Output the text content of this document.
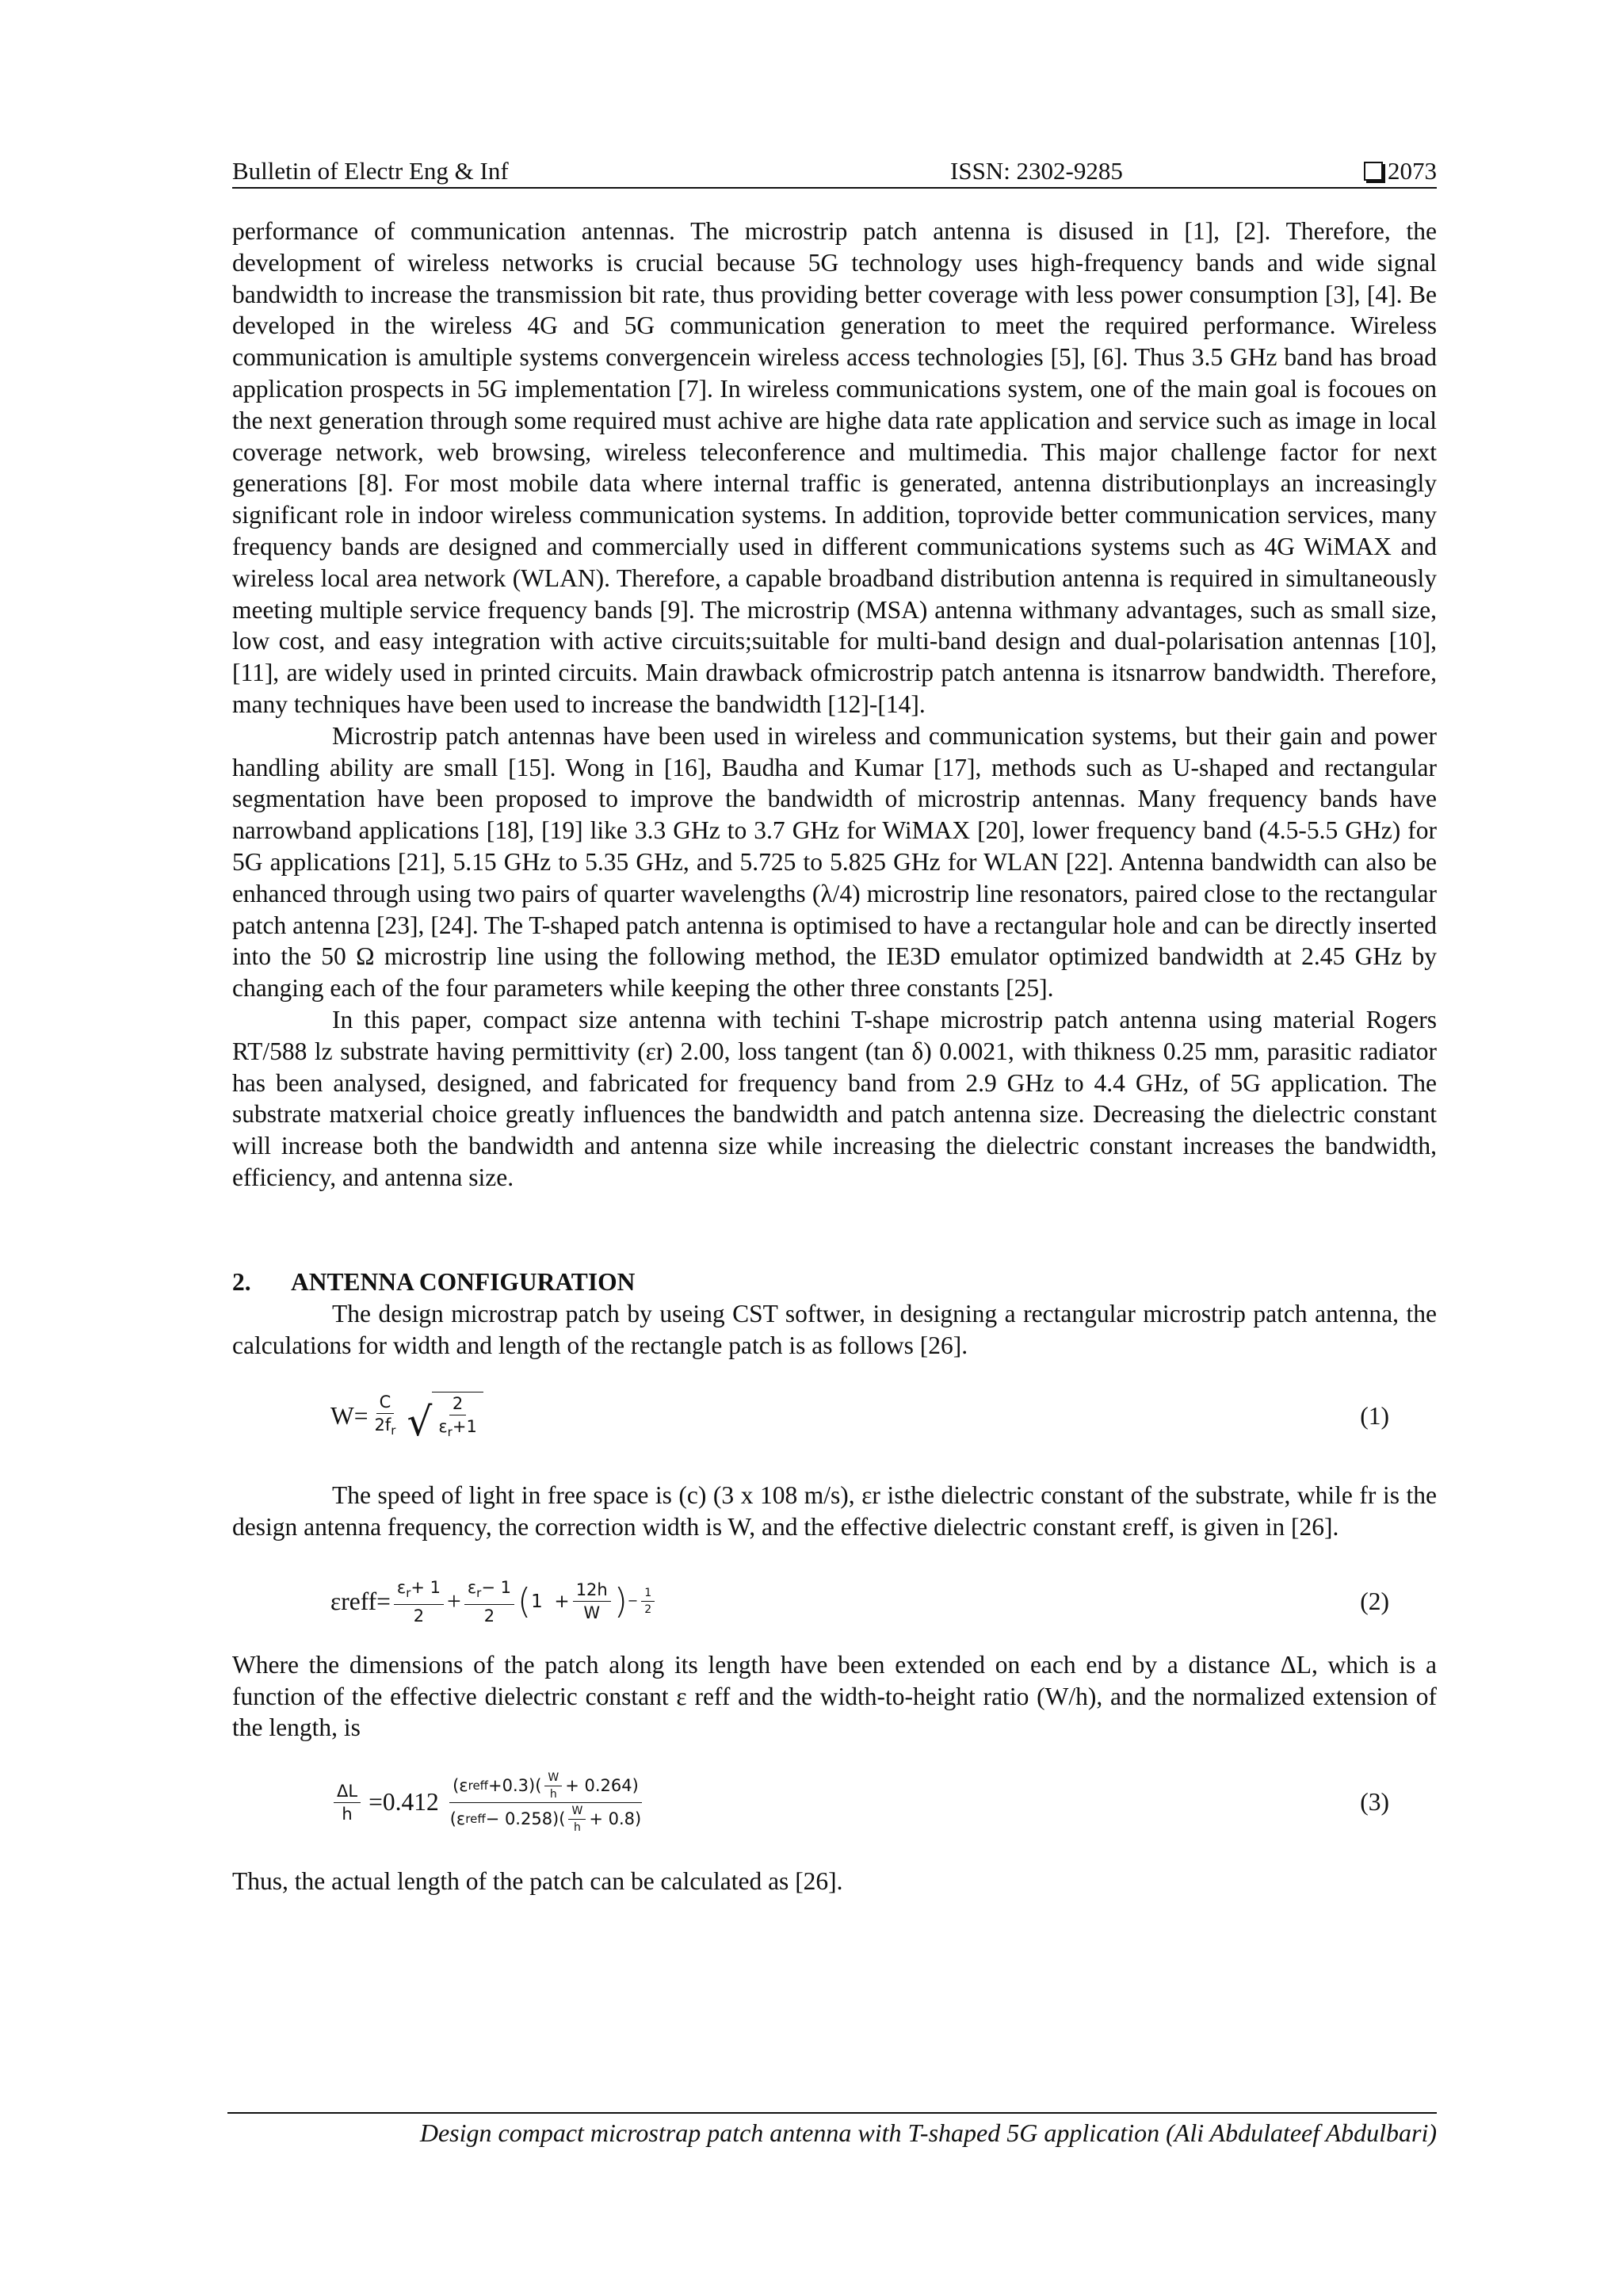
Bulletin of Electr Eng & Inf	ISSN: 2302-9285	2073

performance of communication antennas. The microstrip patch antenna is disused in [1], [2]. Therefore, the development of wireless networks is crucial because 5G technology uses high-frequency bands and wide signal bandwidth to increase the transmission bit rate, thus providing better coverage with less power consumption [3], [4]. Be developed in the wireless 4G and 5G communication generation to meet the required performance. Wireless communication is amultiple systems convergencein wireless access technologies [5], [6]. Thus 3.5 GHz band has broad application prospects in 5G implementation [7]. In wireless communications system, one of the main goal is focoues on the next generation through some required must achive are highe data rate application and service such as image in local coverage network, web browsing, wireless teleconference and multimedia. This major challenge factor for next generations [8]. For most mobile data where internal traffic is generated, antenna distributionplays an increasingly significant role in indoor wireless communication systems. In addition, toprovide better communication services, many frequency bands are designed and commercially used in different communications systems such as 4G WiMAX and wireless local area network (WLAN). Therefore, a capable broadband distribution antenna is required in simultaneously meeting multiple service frequency bands [9]. The microstrip (MSA) antenna withmany advantages, such as small size, low cost, and easy integration with active circuits;suitable for multi-band design and dual-polarisation antennas [10], [11], are widely used in printed circuits. Main drawback ofmicrostrip patch antenna is itsnarrow bandwidth. Therefore, many techniques have been used to increase the bandwidth [12]-[14].

Microstrip patch antennas have been used in wireless and communication systems, but their gain and power handling ability are small [15]. Wong in [16], Baudha and Kumar [17], methods such as U-shaped and rectangular segmentation have been proposed to improve the bandwidth of microstrip antennas. Many frequency bands have narrowband applications [18], [19] like 3.3 GHz to 3.7 GHz for WiMAX [20], lower frequency band (4.5-5.5 GHz) for 5G applications [21], 5.15 GHz to 5.35 GHz, and 5.725 to 5.825 GHz for WLAN [22]. Antenna bandwidth can also be enhanced through using two pairs of quarter wavelengths (λ/4) microstrip line resonators, paired close to the rectangular patch antenna [23], [24]. The T-shaped patch antenna is optimised to have a rectangular hole and can be directly inserted into the 50 Ω microstrip line using the following method, the IE3D emulator optimized bandwidth at 2.45 GHz by changing each of the four parameters while keeping the other three constants [25].

In this paper, compact size antenna with techini T-shape microstrip patch antenna using material Rogers RT/588 lz substrate having permittivity (εr) 2.00, loss tangent (tan δ) 0.0021, with thikness 0.25 mm, parasitic radiator has been analysed, designed, and fabricated for frequency band from 2.9 GHz to 4.4 GHz, of 5G application. The substrate matxerial choice greatly influences the bandwidth and patch antenna size. Decreasing the dielectric constant will increase both the bandwidth and antenna size while increasing the dielectric constant increases the bandwidth, efficiency, and antenna size.

2. ANTENNA CONFIGURATION

The design microstrap patch by useing CST softwer, in designing a rectangular microstrip patch antenna, the calculations for width and length of the rectangle patch is as follows [26].

$W= \frac{C}{2f_r}$ √ $\frac{2}{\varepsilon_r+1}$	(1)

The speed of light in free space is (c) (3 x 108 m/s), εr isthe dielectric constant of the substrate, while fr is the design antenna frequency, the correction width is W, and the effective dielectric constant εreff, is given in [26].

εreff= $\frac{\varepsilon_r+ 1}{2} + \frac{\varepsilon_r- 1}{2}$ ( $1 + \frac{12h}{W}$ ) − $\frac{1}{2}$	(2)

Where the dimensions of the patch along its length have been extended on each end by a distance ΔL, which is a function of the effective dielectric constant ε reff and the width-to-height ratio (W/h), and the normalized extension of the length, is

$\frac{\Delta L}{h} =0.412 \frac{(\varepsilon reff +0.3) ( \frac{W}{h} + 0.264 )}{(\varepsilon reff - 0.258) ( \frac{W}{h} + 0.8 )}$	(3)

Thus, the actual length of the patch can be calculated as [26].

Design compact microstrap patch antenna with T-shaped 5G application (Ali Abdulateef Abdulbari)
